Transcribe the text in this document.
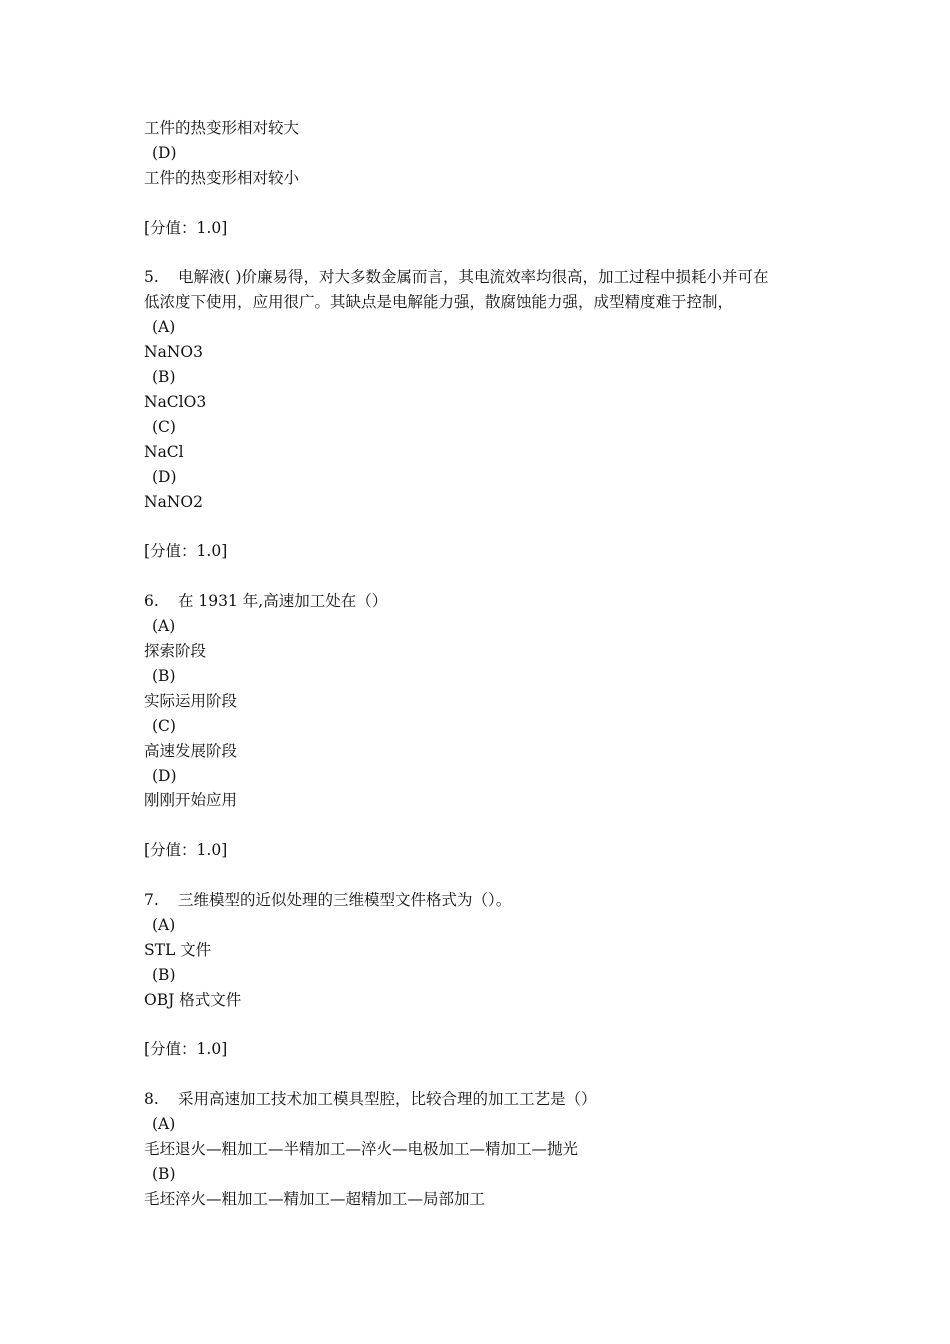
工件的热变形相对较大
(D)
工件的热变形相对较小
[分值：1.0]
5. 电解液( )价廉易得，对大多数金属而言，其电流效率均很高，加工过程中损耗小并可在
低浓度下使用，应用很广。其缺点是电解能力强，散腐蚀能力强，成型精度难于控制，
(A)
NaNO3
(B)
NaClO3
(C)
NaCl
(D)
NaNO2
[分值：1.0]
6. 在 1931 年,高速加工处在（）
(A)
探索阶段
(B)
实际运用阶段
(C)
高速发展阶段
(D)
刚刚开始应用
[分值：1.0]
7. 三维模型的近似处理的三维模型文件格式为（）。
(A)
STL 文件
(B)
OBJ 格式文件
[分值：1.0]
8. 采用高速加工技术加工模具型腔，比较合理的加工工艺是（）
(A)
毛坯退火—粗加工—半精加工—淬火—电极加工—精加工—抛光
(B)
毛坯淬火—粗加工—精加工—超精加工—局部加工
